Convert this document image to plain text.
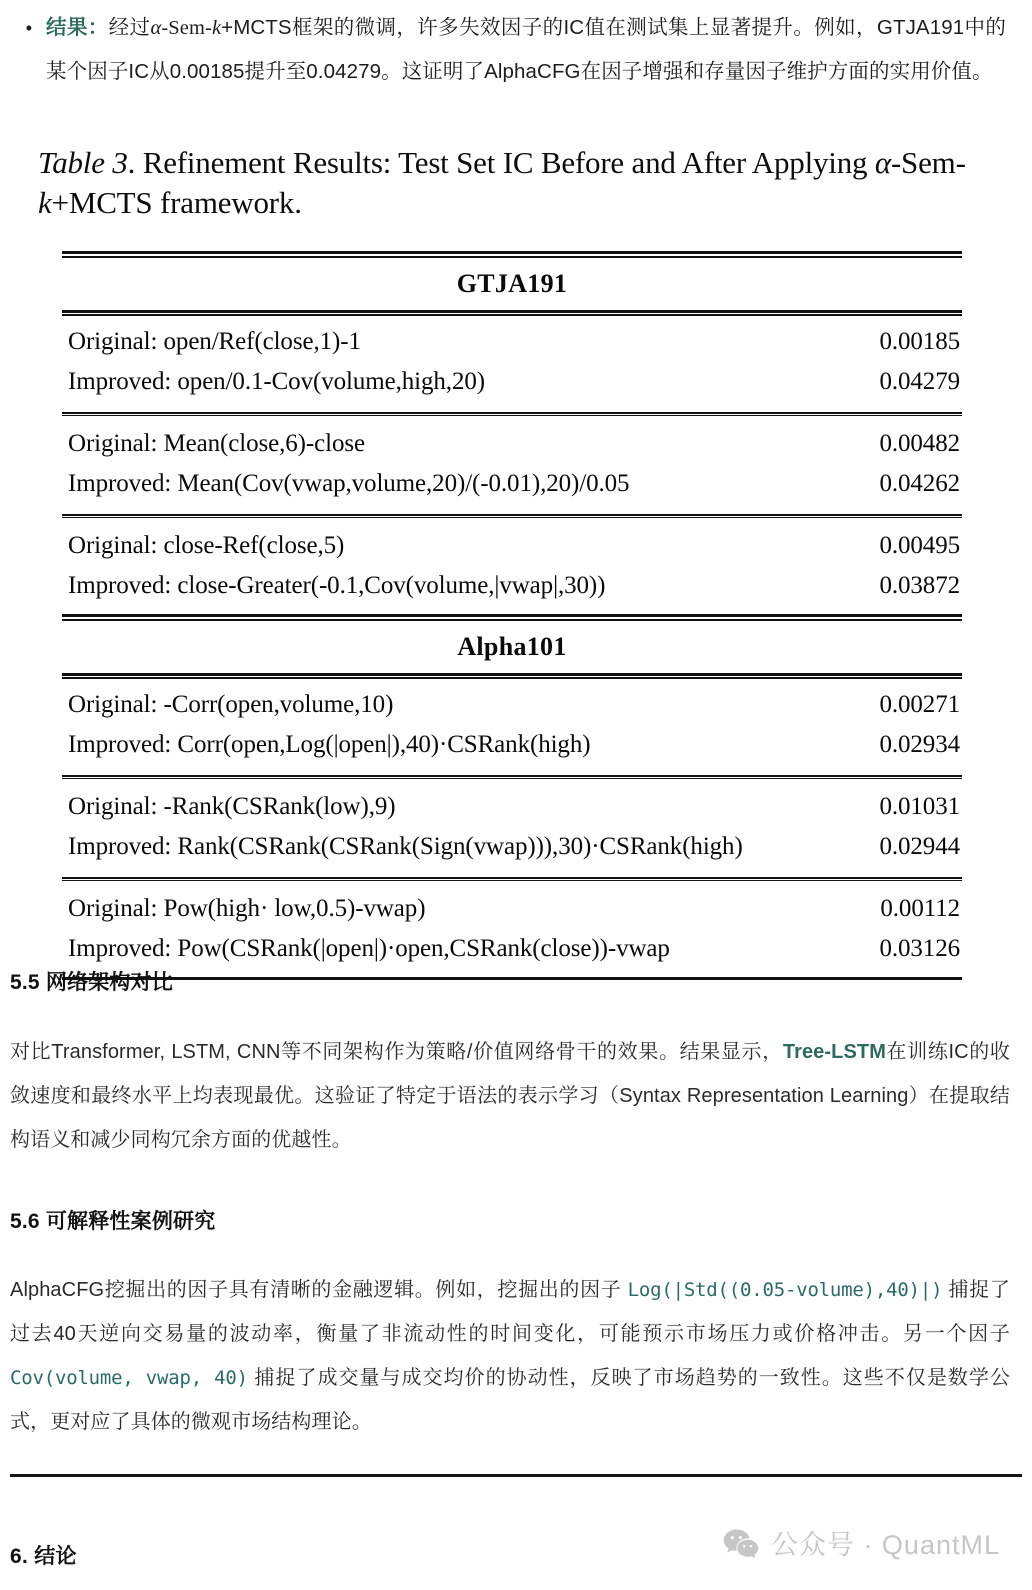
• 结果：经过α-Sem-k+MCTS框架的微调，许多失效因子的IC值在测试集上显著提升。例如，GTJA191中的某个因子IC从0.00185提升至0.04279。这证明了AlphaCFG在因子增强和存量因子维护方面的实用价值。
Table 3. Refinement Results: Test Set IC Before and After Applying α-Sem-k+MCTS framework.
GTJA191
Original: open/Ref(close,1)-1	0.00185
Improved: open/0.1-Cov(volume,high,20)	0.04279
Original: Mean(close,6)-close	0.00482
Improved: Mean(Cov(vwap,volume,20)/(-0.01),20)/0.05	0.04262
Original: close-Ref(close,5)	0.00495
Improved: close-Greater(-0.1,Cov(volume,|vwap|,30))	0.03872
Alpha101
Original: -Corr(open,volume,10)	0.00271
Improved: Corr(open,Log(|open|),40)·CSRank(high)	0.02934
Original: -Rank(CSRank(low),9)	0.01031
Improved: Rank(CSRank(CSRank(Sign(vwap))),30)·CSRank(high)	0.02944
Original: Pow(high· low,0.5)-vwap)	0.00112
Improved: Pow(CSRank(|open|)·open,CSRank(close))-vwap	0.03126
5.5 网络架构对比
对比Transformer, LSTM, CNN等不同架构作为策略/价值网络骨干的效果。结果显示，Tree-LSTM在训练IC的收敛速度和最终水平上均表现最优。这验证了特定于语法的表示学习（Syntax Representation Learning）在提取结构语义和减少同构冗余方面的优越性。
5.6 可解释性案例研究
AlphaCFG挖掘出的因子具有清晰的金融逻辑。例如，挖掘出的因子 Log(|Std((0.05-volume),40)|) 捕捉了过去40天逆向交易量的波动率，衡量了非流动性的时间变化，可能预示市场压力或价格冲击。另一个因子 Cov(volume, vwap, 40) 捕捉了成交量与成交均价的协动性，反映了市场趋势的一致性。这些不仅是数学公式，更对应了具体的微观市场结构理论。
6. 结论	公众号 · QuantML
